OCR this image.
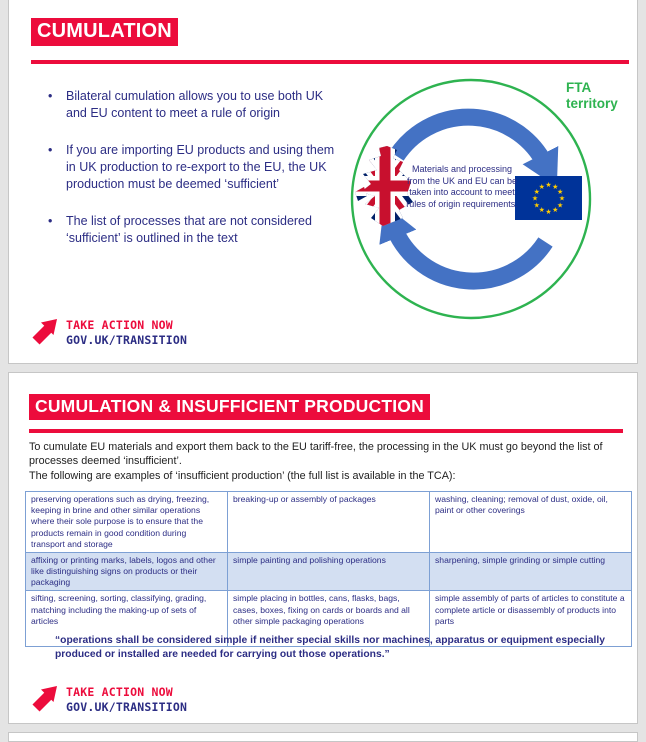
CUMULATION
• Bilateral cumulation allows you to use both UK and EU content to meet a rule of origin
• If you are importing EU products and using them in UK production to re-export to the EU, the UK production must be deemed ‘sufficient’
• The list of processes that are not considered ‘sufficient’ is outlined in the text
★ ★
★
★
★
★
★
★
★
★
★
★
Materials and processing from the UK and EU can be taken into account to meet rules of origin requirements.
FTA territory
TAKE ACTION NOW
GOV.UK/TRANSITION
CUMULATION & INSUFFICIENT PRODUCTION
To cumulate EU materials and export them back to the EU tariff-free, the processing in the UK must go beyond the list of processes deemed ‘insufficient’.
The following are examples of ‘insufficient production’ (the full list is available in the TCA):
preserving operations such as drying, freezing, keeping in brine and other similar operations where their sole purpose is to ensure that the products remain in good condition during transport and storage	breaking-up or assembly of packages	washing, cleaning; removal of dust, oxide, oil, paint or other coverings
affixing or printing marks, labels, logos and other like distinguishing signs on products or their packaging	simple painting and polishing operations	sharpening, simple grinding or simple cutting
sifting, screening, sorting, classifying, grading, matching including the making-up of sets of articles	simple placing in bottles, cans, flasks, bags, cases, boxes, fixing on cards or boards and all other simple packaging operations	simple assembly of parts of articles to constitute a complete article or disassembly of products into parts
“operations shall be considered simple if neither special skills nor machines, apparatus or equipment especially produced or installed are needed for carrying out those operations.”
TAKE ACTION NOW
GOV.UK/TRANSITION
